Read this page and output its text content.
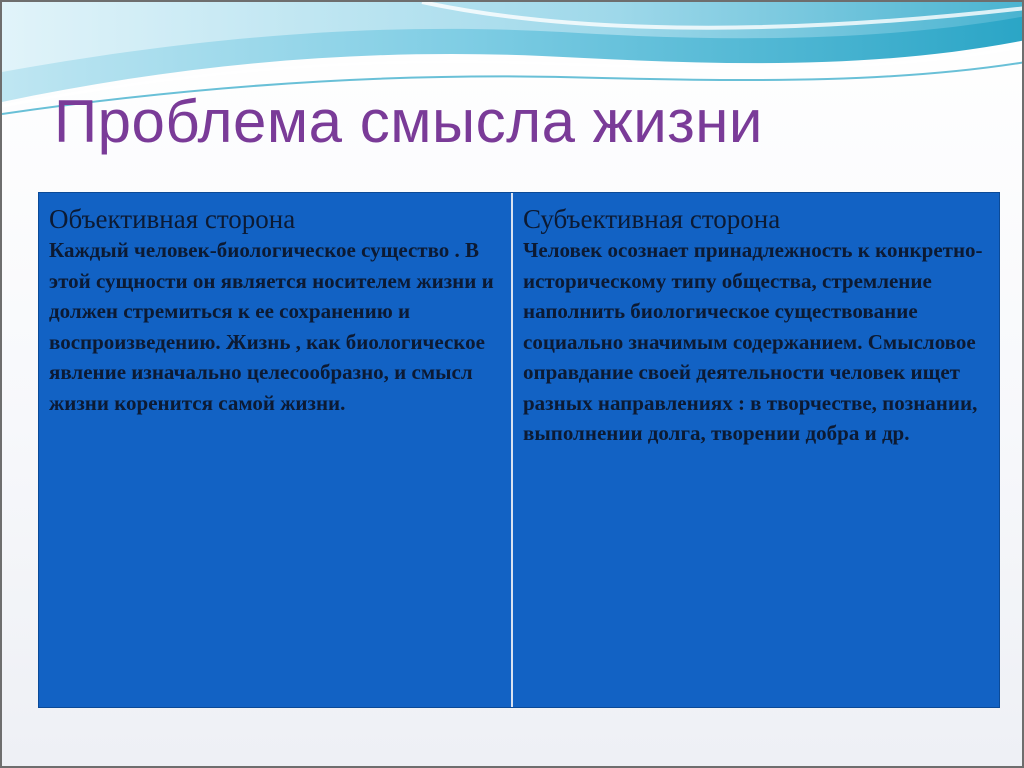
Проблема смысла жизни
Объективная сторона

Каждый человек-биологическое существо . В этой сущности он является носителем жизни и должен стремиться к ее сохранению и воспроизведению. Жизнь , как биологическое явление изначально целесообразно, и смысл жизни коренится самой жизни.

Субъективная сторона

Человек осознает принадлежность к конкретно-историческому типу общества, стремление наполнить биологическое существование социально значимым содержанием. Смысловое оправдание своей деятельности человек ищет разных направлениях : в творчестве, познании, выполнении долга, творении добра и др.
